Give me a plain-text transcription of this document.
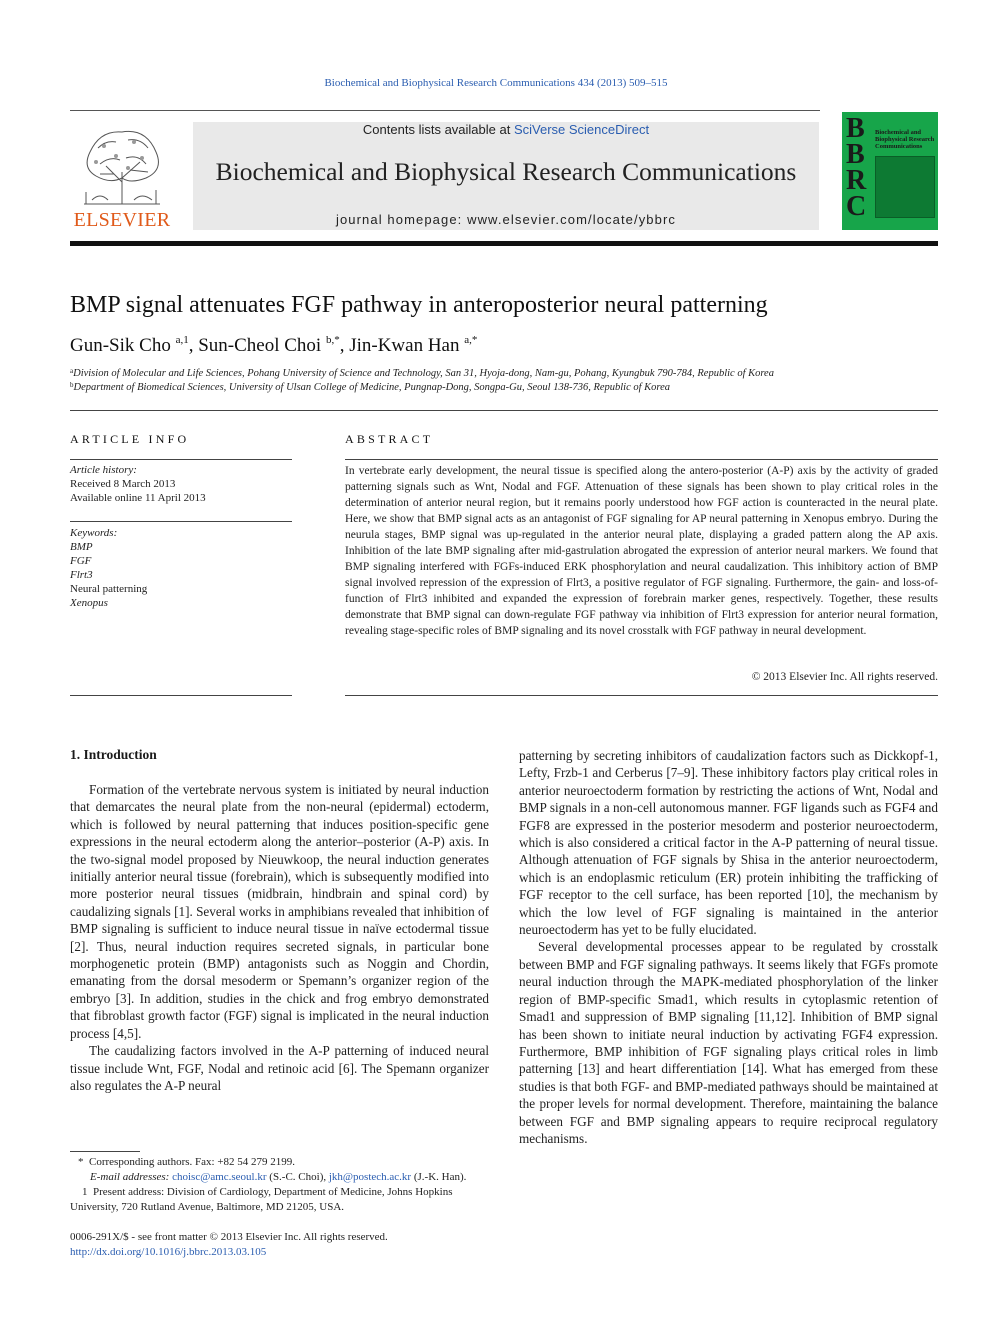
Biochemical and Biophysical Research Communications 434 (2013) 509–515
ELSEVIER
Contents lists available at SciVerse ScienceDirect
Biochemical and Biophysical Research Communications
journal homepage: www.elsevier.com/locate/ybbrc
B
B
R
C
Biochemical and Biophysical Research Communications
BMP signal attenuates FGF pathway in anteroposterior neural patterning
Gun-Sik Cho $^{a,1}$, Sun-Cheol Choi $^{b,*}$, Jin-Kwan Han $^{a,*}$
$^a$Division of Molecular and Life Sciences, Pohang University of Science and Technology, San 31, Hyoja-dong, Nam-gu, Pohang, Kyungbuk 790-784, Republic of Korea
$^b$Department of Biomedical Sciences, University of Ulsan College of Medicine, Pungnap-Dong, Songpa-Gu, Seoul 138-736, Republic of Korea
ARTICLE INFO
Article history:
Received 8 March 2013
Available online 11 April 2013
Keywords:
BMP
FGF
Flrt3
Neural patterning
Xenopus
ABSTRACT
In vertebrate early development, the neural tissue is specified along the antero-posterior (A-P) axis by the activity of graded patterning signals such as Wnt, Nodal and FGF. Attenuation of these signals has been shown to play critical roles in the determination of anterior neural region, but it remains poorly understood how FGF action is counteracted in the neural plate. Here, we show that BMP signal acts as an antagonist of FGF signaling for AP neural patterning in Xenopus embryo. During the neurula stages, BMP signal was up-regulated in the anterior neural plate, displaying a graded pattern along the AP axis. Inhibition of the late BMP signaling after mid-gastrulation abrogated the expression of anterior neural markers. We found that BMP signaling interfered with FGFs-induced ERK phosphorylation and neural caudalization. This inhibitory action of BMP signal involved repression of the expression of Flrt3, a positive regulator of FGF signaling. Furthermore, the gain- and loss-of-function of Flrt3 inhibited and expanded the expression of forebrain marker genes, respectively. Together, these results demonstrate that BMP signal can down-regulate FGF pathway via inhibition of Flrt3 expression for anterior neural formation, revealing stage-specific roles of BMP signaling and its novel crosstalk with FGF pathway in neural development.
© 2013 Elsevier Inc. All rights reserved.
1. Introduction

Formation of the vertebrate nervous system is initiated by neural induction that demarcates the neural plate from the non-neural (epidermal) ectoderm, which is followed by neural patterning that induces position-specific gene expressions in the neural ectoderm along the anterior–posterior (A-P) axis. In the two-signal model proposed by Nieuwkoop, the neural induction generates initially anterior neural tissue (forebrain), which is subsequently modified into more posterior neural tissues (midbrain, hindbrain and spinal cord) by caudalizing signals [1]. Several works in amphibians revealed that inhibition of BMP signaling is sufficient to induce neural tissue in naïve ectodermal tissue [2]. Thus, neural induction requires secreted signals, in particular bone morphogenetic protein (BMP) antagonists such as Noggin and Chordin, emanating from the dorsal mesoderm or Spemann’s organizer region of the embryo [3]. In addition, studies in the chick and frog embryo demonstrated that fibroblast growth factor (FGF) signal is implicated in the neural induction process [4,5].

The caudalizing factors involved in the A-P patterning of induced neural tissue include Wnt, FGF, Nodal and retinoic acid [6]. The Spemann organizer also regulates the A-P neural

patterning by secreting inhibitors of caudalization factors such as Dickkopf-1, Lefty, Frzb-1 and Cerberus [7–9]. These inhibitory factors play critical roles in anterior neuroectoderm formation by restricting the actions of Wnt, Nodal and BMP signals in a non-cell autonomous manner. FGF ligands such as FGF4 and FGF8 are expressed in the posterior mesoderm and posterior neuroectoderm, which is also considered a critical factor in the A-P patterning of neural tissue. Although attenuation of FGF signals by Shisa in the anterior neuroectoderm, which is an endoplasmic reticulum (ER) protein inhibiting the trafficking of FGF receptor to the cell surface, has been reported [10], the mechanism by which the low level of FGF signaling is maintained in the anterior neuroectoderm has yet to be fully elucidated.

Several developmental processes appear to be regulated by crosstalk between BMP and FGF signaling pathways. It seems likely that FGFs promote neural induction through the MAPK-mediated phosphorylation of the linker region of BMP-specific Smad1, which results in cytoplasmic retention of Smad1 and suppression of BMP signaling [11,12]. Inhibition of BMP signal has been shown to initiate neural induction by activating FGF4 expression. Furthermore, BMP inhibition of FGF signaling plays critical roles in limb patterning [13] and heart differentiation [14]. What has emerged from these studies is that both FGF- and BMP-mediated pathways should be maintained at the proper levels for normal development. Therefore, maintaining the balance between FGF and BMP signaling appears to require reciprocal regulatory mechanisms.

*  Corresponding authors. Fax: +82 54 279 2199.
E-mail addresses: choisc@amc.seoul.kr (S.-C. Choi), jkh@postech.ac.kr (J.-K. Han).
1  Present address: Division of Cardiology, Department of Medicine, Johns Hopkins University, 720 Rutland Avenue, Baltimore, MD 21205, USA.
0006-291X/$ - see front matter © 2013 Elsevier Inc. All rights reserved.
http://dx.doi.org/10.1016/j.bbrc.2013.03.105
